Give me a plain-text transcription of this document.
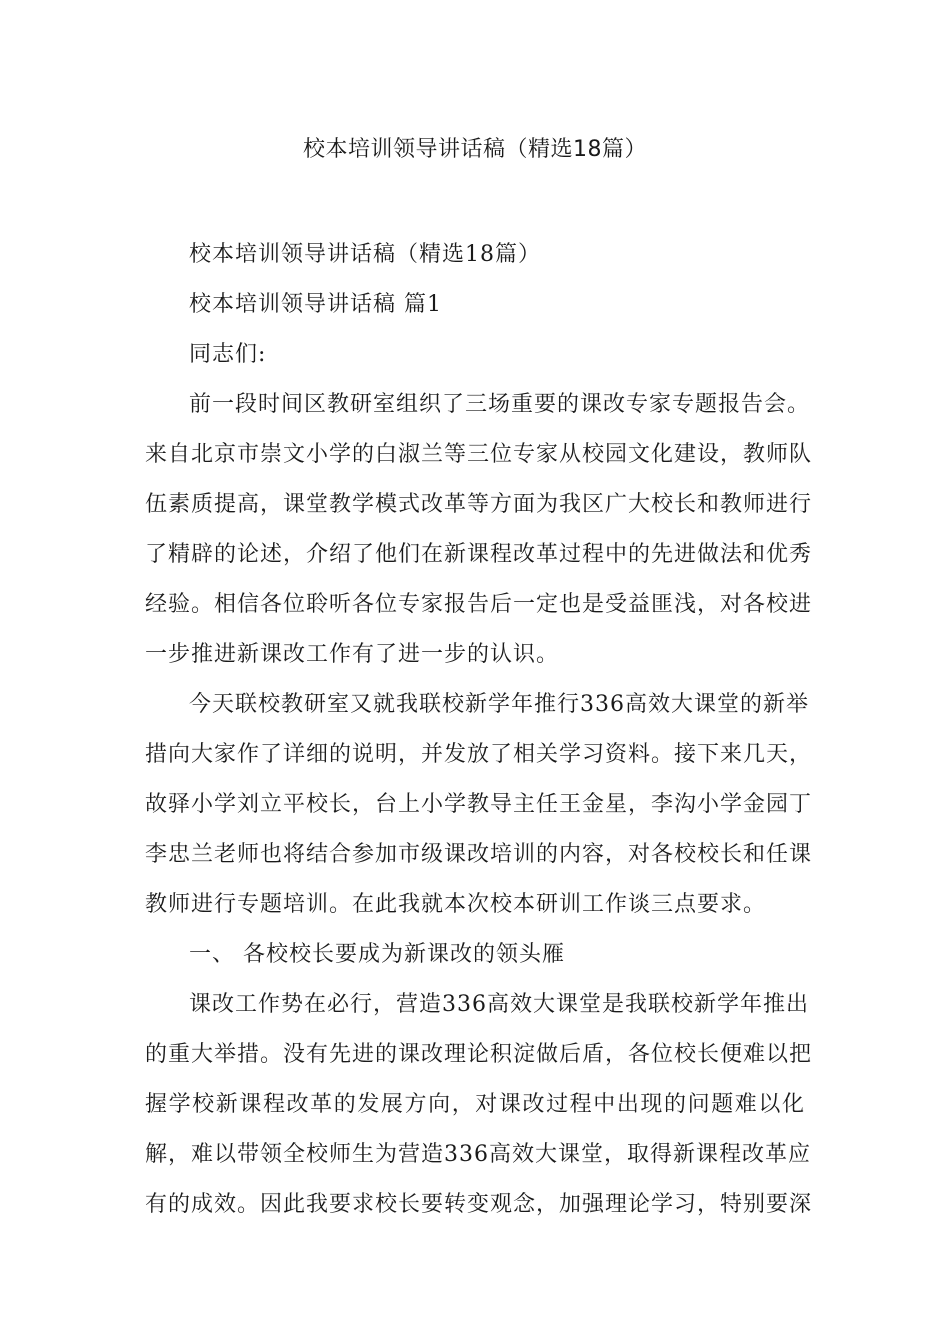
校本培训领导讲话稿（精选18篇）

校本培训领导讲话稿（精选18篇）

校本培训领导讲话稿 篇1

同志们:

前一段时间区教研室组织了三场重要的课改专家专题报告会。
来自北京市崇文小学的白淑兰等三位专家从校园文化建设，教师队
伍素质提高，课堂教学模式改革等方面为我区广大校长和教师进行
了精辟的论述，介绍了他们在新课程改革过程中的先进做法和优秀
经验。相信各位聆听各位专家报告后一定也是受益匪浅，对各校进
一步推进新课改工作有了进一步的认识。
今天联校教研室又就我联校新学年推行336高效大课堂的新举
措向大家作了详细的说明，并发放了相关学习资料。接下来几天，
故驿小学刘立平校长，台上小学教导主任王金星，李沟小学金园丁
李忠兰老师也将结合参加市级课改培训的内容，对各校校长和任课
教师进行专题培训。在此我就本次校本研训工作谈三点要求。

一、 各校校长要成为新课改的领头雁

课改工作势在必行，营造336高效大课堂是我联校新学年推出
的重大举措。没有先进的课改理论积淀做后盾，各位校长便难以把
握学校新课程改革的发展方向，对课改过程中出现的问题难以化
解，难以带领全校师生为营造336高效大课堂，取得新课程改革应
有的成效。因此我要求校长要转变观念，加强理论学习，特别要深
